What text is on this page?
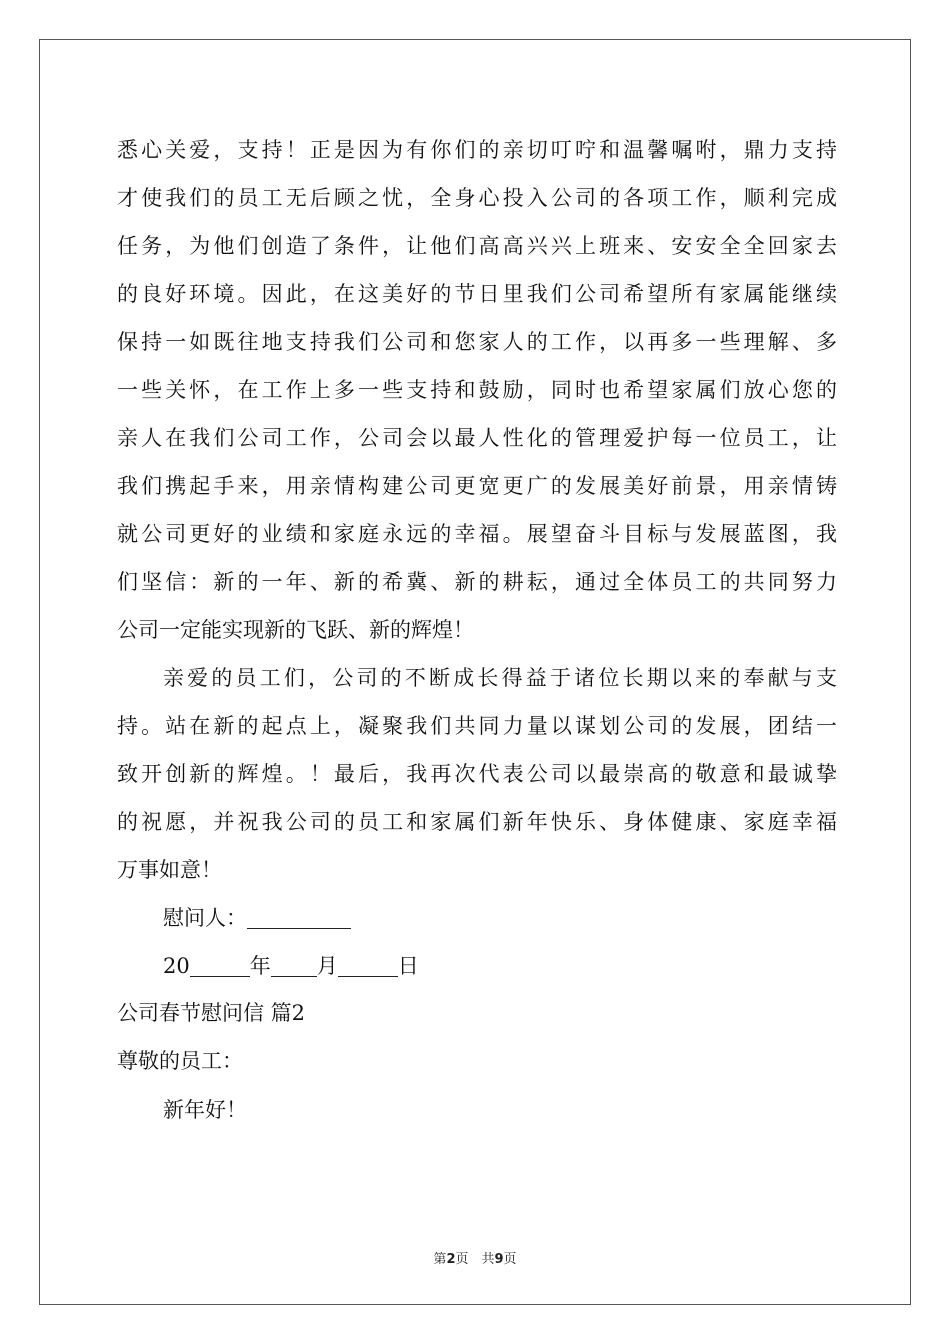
悉心关爱，支持！正是因为有你们的亲切叮咛和温馨嘱咐，鼎力支持
才使我们的员工无后顾之忧，全身心投入公司的各项工作，顺利完成
任务，为他们创造了条件，让他们高高兴兴上班来、安安全全回家去
的良好环境。因此，在这美好的节日里我们公司希望所有家属能继续
保持一如既往地支持我们公司和您家人的工作，以再多一些理解、多
一些关怀，在工作上多一些支持和鼓励，同时也希望家属们放心您的
亲人在我们公司工作，公司会以最人性化的管理爱护每一位员工，让
我们携起手来，用亲情构建公司更宽更广的发展美好前景，用亲情铸
就公司更好的业绩和家庭永远的幸福。展望奋斗目标与发展蓝图，我
们坚信：新的一年、新的希冀、新的耕耘，通过全体员工的共同努力
公司一定能实现新的飞跃、新的辉煌！
亲爱的员工们，公司的不断成长得益于诸位长期以来的奉献与支
持。站在新的起点上，凝聚我们共同力量以谋划公司的发展，团结一
致开创新的辉煌。！最后，我再次代表公司以最崇高的敬意和最诚挚
的祝愿，并祝我公司的员工和家属们新年快乐、身体健康、家庭幸福
万事如意！
慰问人：
20	年 月	日
公司春节慰问信 篇2
尊敬的员工：
新年好！
第2页　共9页
